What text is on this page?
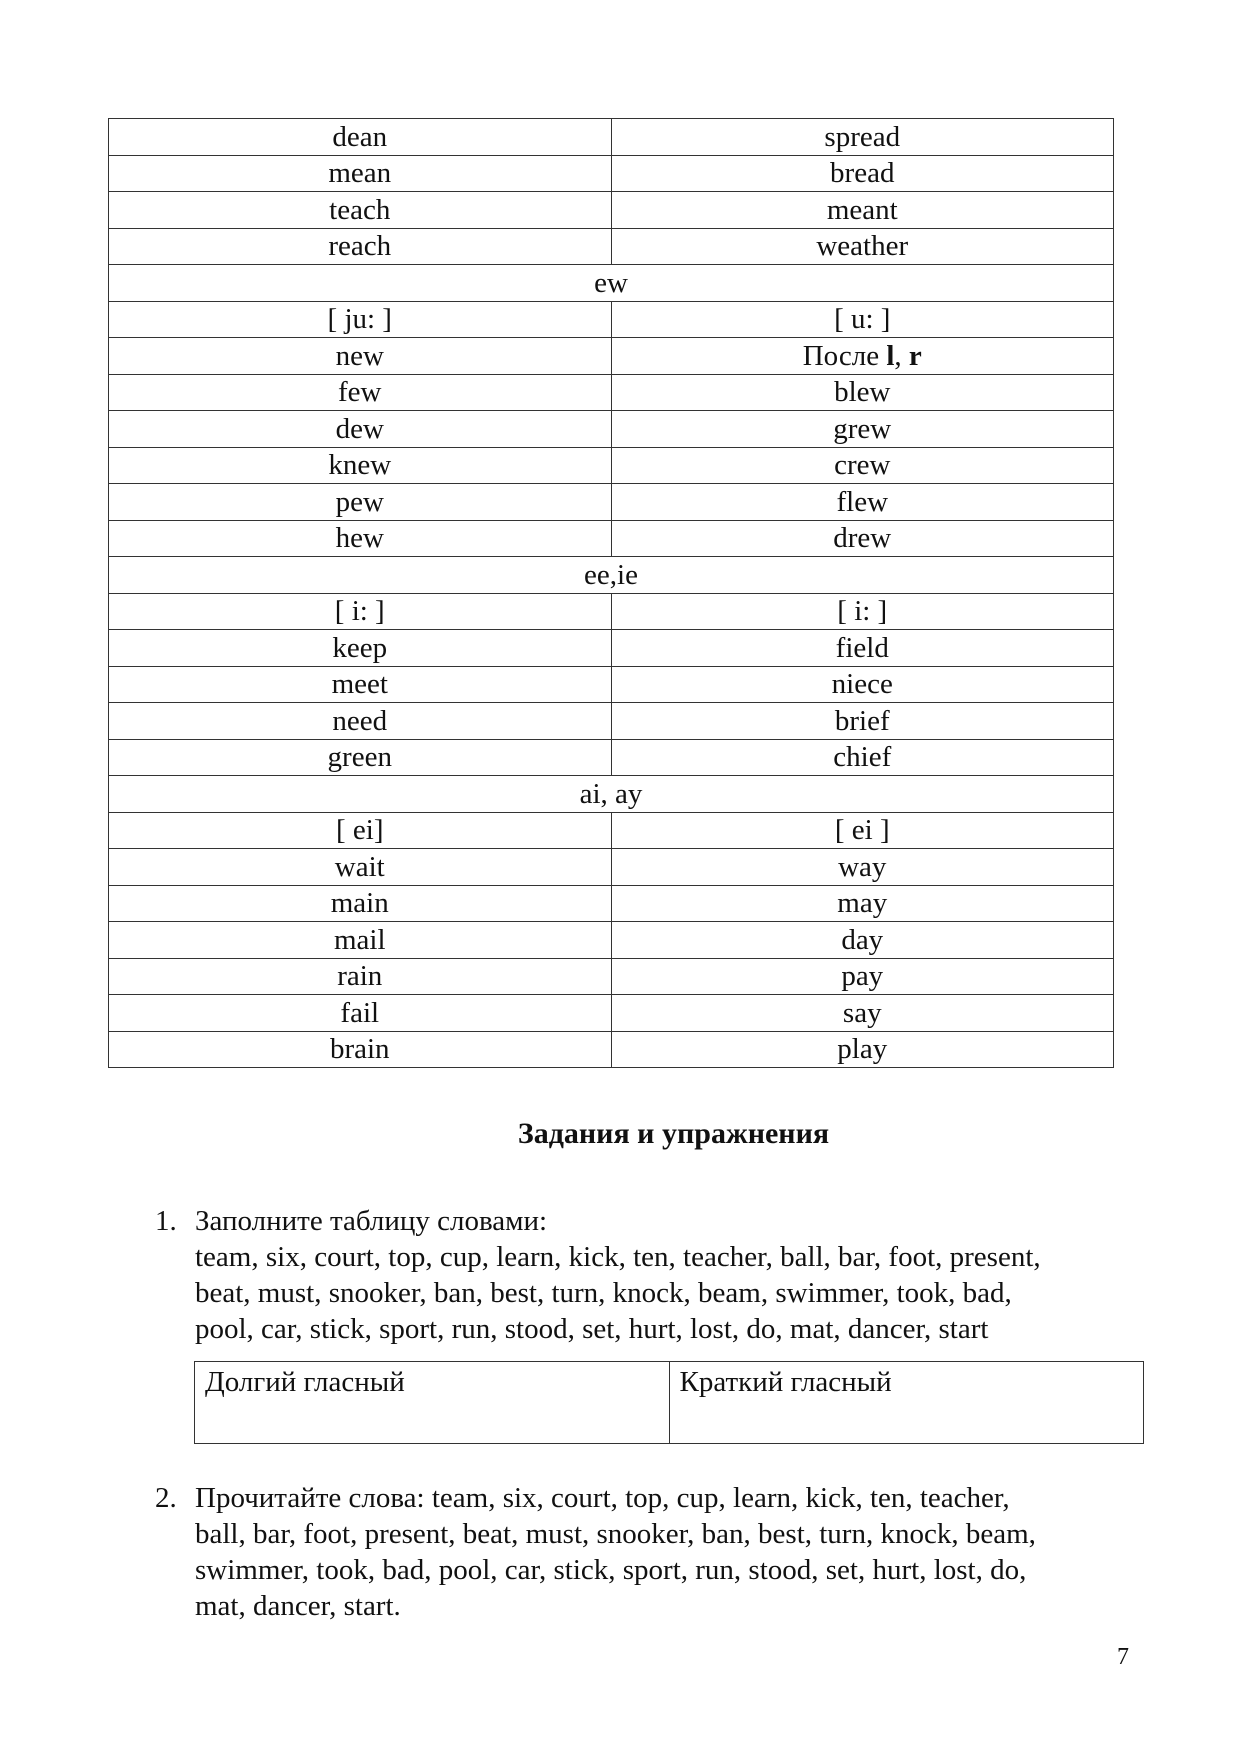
dean	spread
mean	bread
teach	meant
reach	weather
ew	
[ ju: ]	[ u: ]
new	После l, r
few	blew
dew	grew
knew	crew
pew	flew
hew	drew
ee,ie	
[ i: ]	[ i: ]
keep	field
meet	niece
need	brief
green	chief
ai, ay	
[ ei]	[ ei ]
wait	way
main	may
mail	day
rain	pay
fail	say
brain	play
Задания и упражнения
1. Заполните таблицу словами:
team, six, court, top, cup, learn, kick, ten, teacher, ball, bar, foot, present,
beat, must, snooker, ban, best, turn, knock, beam, swimmer, took, bad,
pool, car, stick, sport, run, stood, set, hurt, lost, do, mat, dancer, start
Долгий гласный	Краткий гласный
2. Прочитайте слова: team, six, court, top, cup, learn, kick, ten, teacher,
ball, bar, foot, present, beat, must, snooker, ban, best, turn, knock, beam,
swimmer, took, bad, pool, car, stick, sport, run, stood, set, hurt, lost, do,
mat, dancer, start.
7
